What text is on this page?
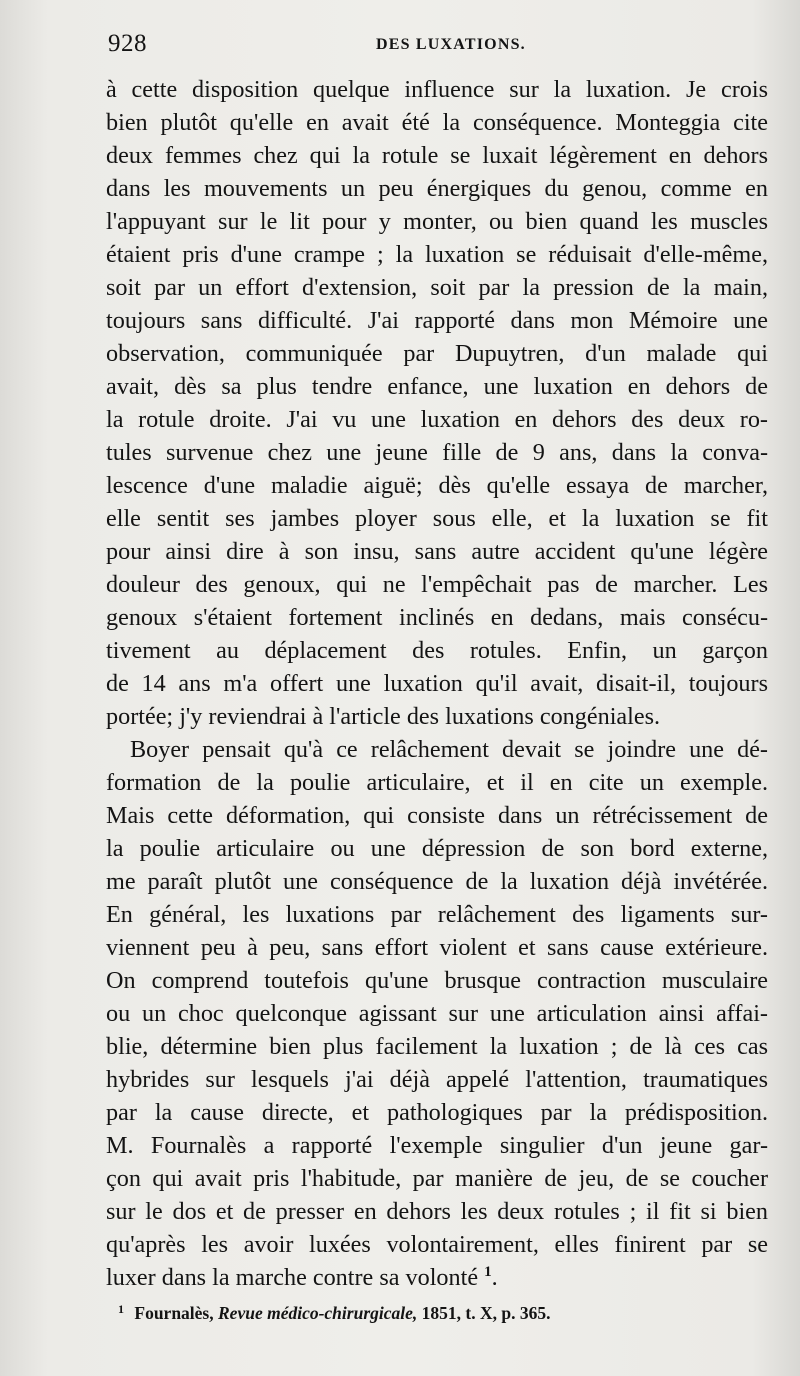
928	DES LUXATIONS.
à cette disposition quelque influence sur la luxation. Je crois
bien plutôt qu'elle en avait été la conséquence. Monteggia cite
deux femmes chez qui la rotule se luxait légèrement en dehors
dans les mouvements un peu énergiques du genou, comme en
l'appuyant sur le lit pour y monter, ou bien quand les muscles
étaient pris d'une crampe ; la luxation se réduisait d'elle-même,
soit par un effort d'extension, soit par la pression de la main,
toujours sans difficulté. J'ai rapporté dans mon Mémoire une
observation, communiquée par Dupuytren, d'un malade qui
avait, dès sa plus tendre enfance, une luxation en dehors de
la rotule droite. J'ai vu une luxation en dehors des deux ro-
tules survenue chez une jeune fille de 9 ans, dans la conva-
lescence d'une maladie aiguë; dès qu'elle essaya de marcher,
elle sentit ses jambes ployer sous elle, et la luxation se fit
pour ainsi dire à son insu, sans autre accident qu'une légère
douleur des genoux, qui ne l'empêchait pas de marcher. Les
genoux s'étaient fortement inclinés en dedans, mais consécu-
tivement au déplacement des rotules. Enfin, un garçon
de 14 ans m'a offert une luxation qu'il avait, disait-il, toujours
portée; j'y reviendrai à l'article des luxations congéniales.
Boyer pensait qu'à ce relâchement devait se joindre une dé-
formation de la poulie articulaire, et il en cite un exemple.
Mais cette déformation, qui consiste dans un rétrécissement de
la poulie articulaire ou une dépression de son bord externe,
me paraît plutôt une conséquence de la luxation déjà invétérée.
En général, les luxations par relâchement des ligaments sur-
viennent peu à peu, sans effort violent et sans cause extérieure.
On comprend toutefois qu'une brusque contraction musculaire
ou un choc quelconque agissant sur une articulation ainsi affai-
blie, détermine bien plus facilement la luxation ; de là ces cas
hybrides sur lesquels j'ai déjà appelé l'attention, traumatiques
par la cause directe, et pathologiques par la prédisposition.
M. Fournalès a rapporté l'exemple singulier d'un jeune gar-
çon qui avait pris l'habitude, par manière de jeu, de se coucher
sur le dos et de presser en dehors les deux rotules ; il fit si bien
qu'après les avoir luxées volontairement, elles finirent par se
luxer dans la marche contre sa volonté $^1$.
$^1$ Fournalès, Revue médico-chirurgicale, 1851, t. X, p. 365.
